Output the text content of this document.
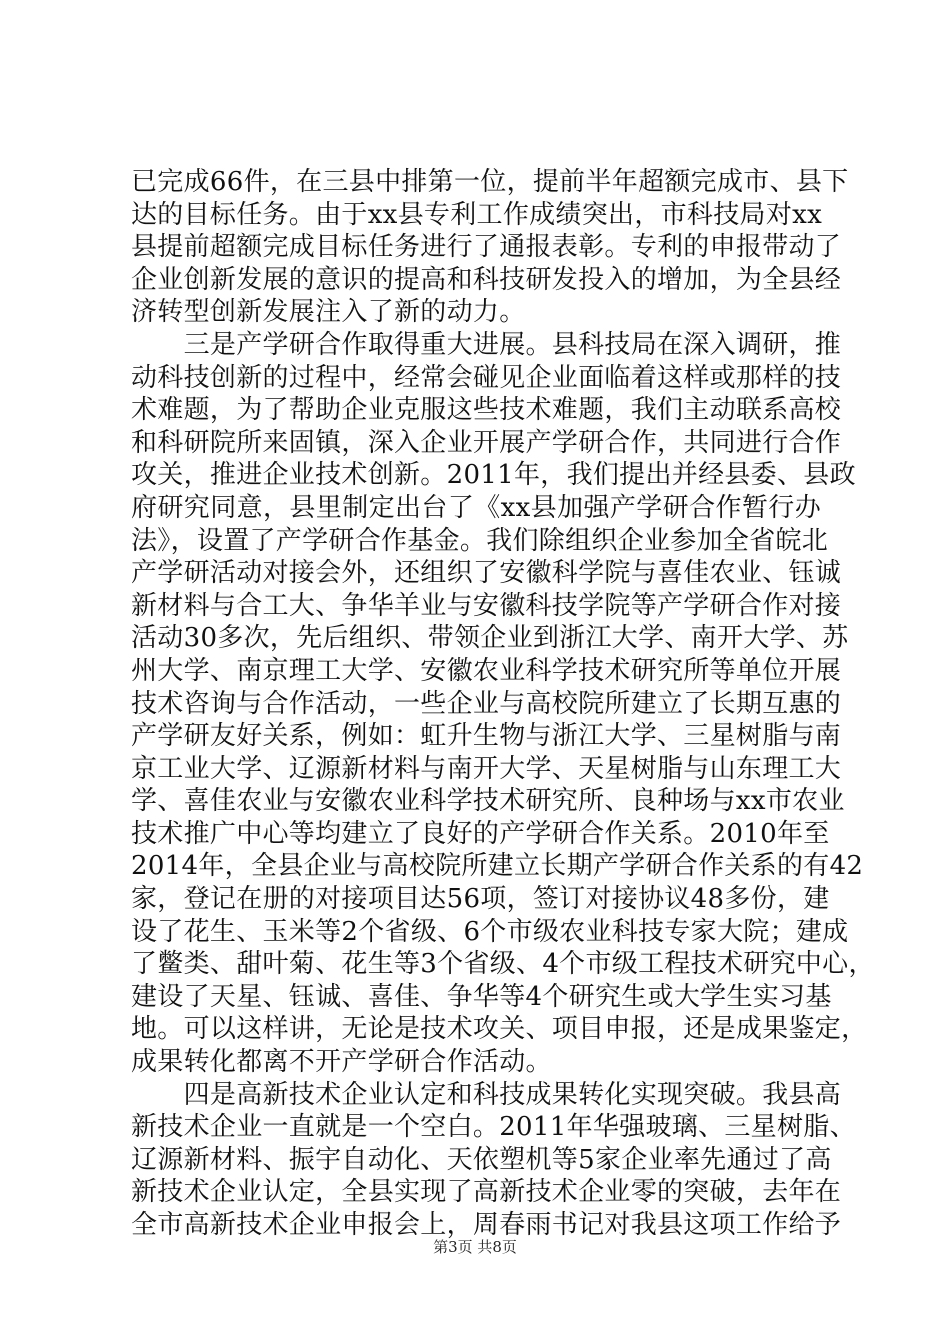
已完成66件，在三县中排第一位，提前半年超额完成市、县下
达的目标任务。由于xx县专利工作成绩突出，市科技局对xx
县提前超额完成目标任务进行了通报表彰。专利的申报带动了
企业创新发展的意识的提高和科技研发投入的增加，为全县经
济转型创新发展注入了新的动力。
　　三是产学研合作取得重大进展。县科技局在深入调研，推
动科技创新的过程中，经常会碰见企业面临着这样或那样的技
术难题，为了帮助企业克服这些技术难题，我们主动联系高校
和科研院所来固镇，深入企业开展产学研合作，共同进行合作
攻关，推进企业技术创新。2011年，我们提出并经县委、县政
府研究同意，县里制定出台了《xx县加强产学研合作暂行办
法》，设置了产学研合作基金。我们除组织企业参加全省皖北
产学研活动对接会外，还组织了安徽科学院与喜佳农业、钰诚
新材料与合工大、争华羊业与安徽科技学院等产学研合作对接
活动30多次，先后组织、带领企业到浙江大学、南开大学、苏
州大学、南京理工大学、安徽农业科学技术研究所等单位开展
技术咨询与合作活动，一些企业与高校院所建立了长期互惠的
产学研友好关系，例如：虹升生物与浙江大学、三星树脂与南
京工业大学、辽源新材料与南开大学、天星树脂与山东理工大
学、喜佳农业与安徽农业科学技术研究所、良种场与xx市农业
技术推广中心等均建立了良好的产学研合作关系。2010年至
2014年，全县企业与高校院所建立长期产学研合作关系的有42
家，登记在册的对接项目达56项，签订对接协议48多份，建
设了花生、玉米等2个省级、6个市级农业科技专家大院；建成
了鳖类、甜叶菊、花生等3个省级、4个市级工程技术研究中心，
建设了天星、钰诚、喜佳、争华等4个研究生或大学生实习基
地。可以这样讲，无论是技术攻关、项目申报，还是成果鉴定，
成果转化都离不开产学研合作活动。
　　四是高新技术企业认定和科技成果转化实现突破。我县高
新技术企业一直就是一个空白。2011年华强玻璃、三星树脂、
辽源新材料、振宇自动化、天依塑机等5家企业率先通过了高
新技术企业认定，全县实现了高新技术企业零的突破，去年在
全市高新技术企业申报会上，周春雨书记对我县这项工作给予
第3页 共8页
